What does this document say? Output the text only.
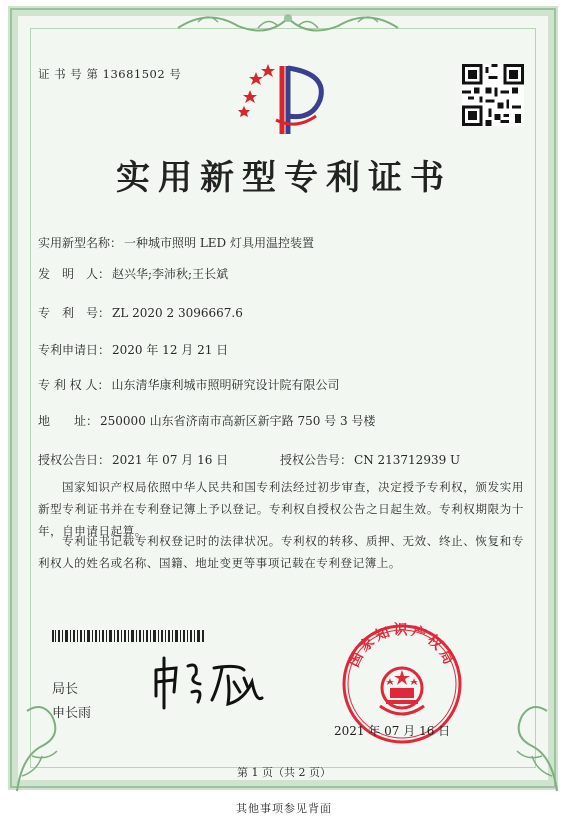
证 书 号 第 13681502 号
实用新型专利证书
实用新型名称： 一种城市照明 LED 灯具用温控装置
发　明　人： 赵兴华;李沛秋;王长斌
专　利　号： ZL 2020 2 3096667.6
专利申请日： 2020 年 12 月 21 日
专 利 权 人： 山东清华康利城市照明研究设计院有限公司
地　　址： 250000 山东省济南市高新区新宇路 750 号 3 号楼
授权公告日： 2021 年 07 月 16 日	授权公告号： CN 213712939 U
国家知识产权局依照中华人民共和国专利法经过初步审查，决定授予专利权，颁发实用新型专利证书并在专利登记簿上予以登记。专利权自授权公告之日起生效。专利权期限为十年，自申请日起算。
专利证书记载专利权登记时的法律状况。专利权的转移、质押、无效、终止、恢复和专利权人的姓名或名称、国籍、地址变更等事项记载在专利登记簿上。
局长
申长雨
国家知识产权局
2021 年 07 月 16 日
第 1 页（共 2 页）
其他事项参见背面
